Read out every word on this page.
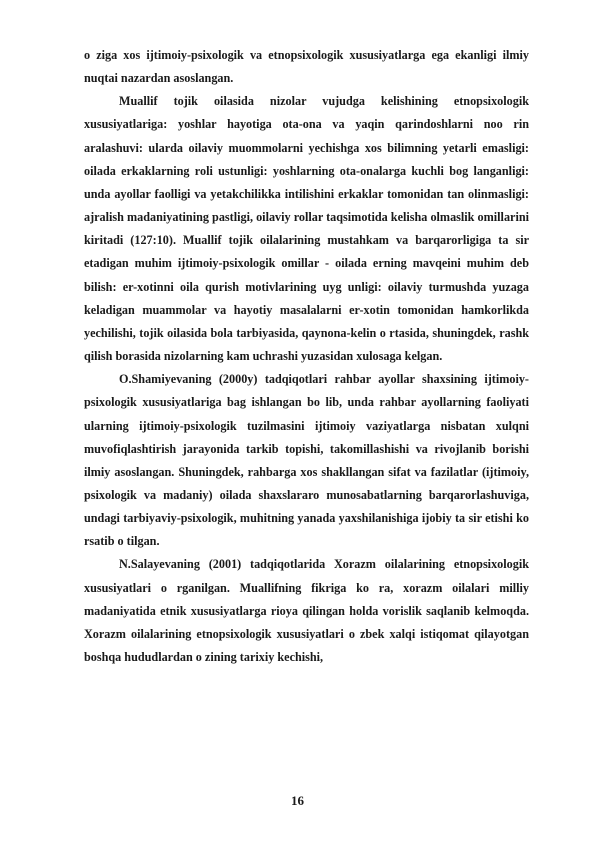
o ziga xos ijtimoiy-psixologik va etnopsixologik xususiyatlarga ega ekanligi ilmiy nuqtai nazardan asoslangan.

Muallif tojik oilasida nizolar vujudga kelishining etnopsixologik xususiyatlariga: yoshlar hayotiga ota-ona va yaqin qarindoshlarni noo rin aralashuvi: ularda oilaviy muommolarni yechishga xos bilimning yetarli emasligi: oilada erkaklarning roli ustunligi: yoshlarning ota-onalarga kuchli bog langanligi: unda ayollar faolligi va yetakchilikka intilishini erkaklar tomonidan tan olinmasligi: ajralish madaniyatining pastligi, oilaviy rollar taqsimotida kelisha olmaslik omillarini kiritadi (127:10). Muallif tojik oilalarining mustahkam va barqarorligiga ta sir etadigan muhim ijtimoiy-psixologik omillar - oilada erning mavqeini muhim deb bilish: er-xotinni oila qurish motivlarining uyg unligi: oilaviy turmushda yuzaga keladigan muammolar va hayotiy masalalarni er-xotin tomonidan hamkorlikda yechilishi, tojik oilasida bola tarbiyasida, qaynona-kelin o rtasida, shuningdek, rashk qilish borasida nizolarning kam uchrashi yuzasidan xulosaga kelgan.

O.Shamiyevaning (2000y) tadqiqotlari rahbar ayollar shaxsining ijtimoiy-psixologik xususiyatlariga bag ishlangan bo lib, unda rahbar ayollarning faoliyati ularning ijtimoiy-psixologik tuzilmasini ijtimoiy vaziyatlarga nisbatan xulqni muvofiqlashtirish jarayonida tarkib topishi, takomillashishi va rivojlanib borishi ilmiy asoslangan. Shuningdek, rahbarga xos shakllangan sifat va fazilatlar (ijtimoiy, psixologik va madaniy) oilada shaxslararo munosabatlarning barqarorlashuviga, undagi tarbiyaviy-psixologik, muhitning yanada yaxshilanishiga ijobiy ta sir etishi ko rsatib o tilgan.

N.Salayevaning (2001) tadqiqotlarida Xorazm oilalarining etnopsixologik xususiyatlari o rganilgan. Muallifning fikriga ko ra, xorazm oilalari milliy madaniyatida etnik xususiyatlarga rioya qilingan holda vorislik saqlanib kelmoqda. Xorazm oilalarining etnopsixologik xususiyatlari o zbek xalqi istiqomat qilayotgan boshqa hududlardan o zining tarixiy kechishi,

16
